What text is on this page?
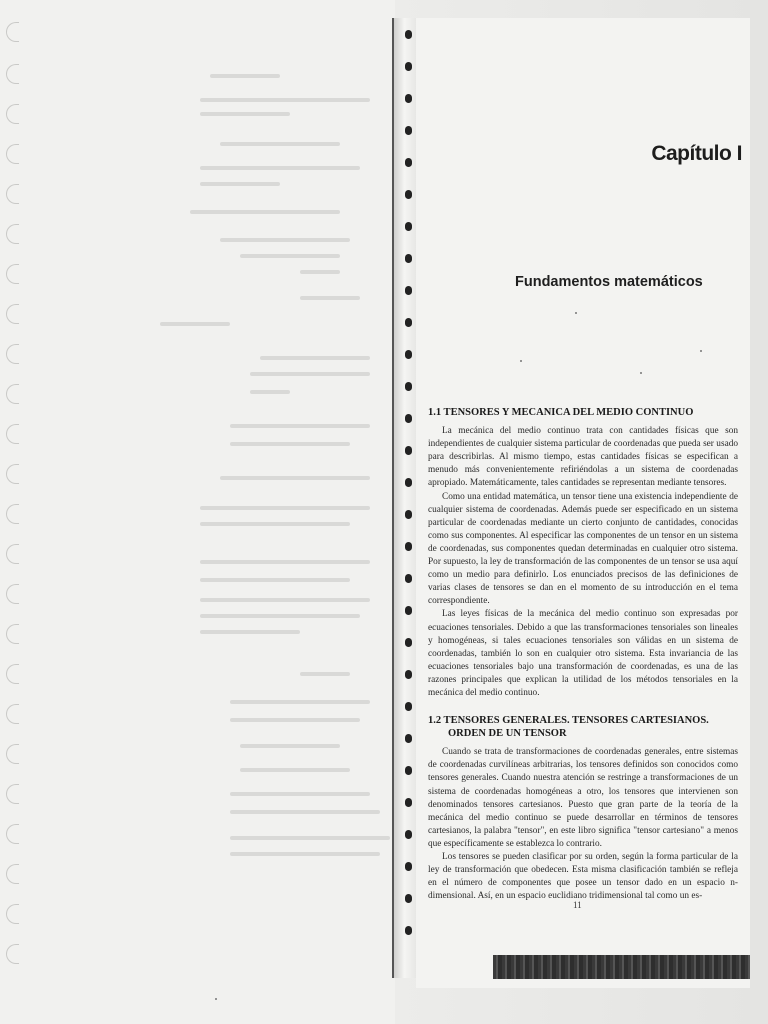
Capítulo I
Fundamentos matemáticos
1.1 TENSORES Y MECANICA DEL MEDIO CONTINUO

La mecánica del medio continuo trata con cantidades físicas que son independientes de cualquier sistema particular de coordenadas que pueda ser usado para describirlas. Al mismo tiempo, estas cantidades físicas se especifican a menudo más convenientemente refiriéndolas a un sistema de coordenadas apropiado. Matemáticamente, tales cantidades se representan mediante tensores.

Como una entidad matemática, un tensor tiene una existencia independiente de cualquier sistema de coordenadas. Además puede ser especificado en un sistema particular de coordenadas mediante un cierto conjunto de cantidades, conocidas como sus componentes. Al especificar las componentes de un tensor en un sistema de coordenadas, sus componentes quedan determinadas en cualquier otro sistema. Por supuesto, la ley de transformación de las componentes de un tensor se usa aquí como un medio para definirlo. Los enunciados precisos de las definiciones de varias clases de tensores se dan en el momento de su introducción en el tema correspondiente.

Las leyes físicas de la mecánica del medio continuo son expresadas por ecuaciones tensoriales. Debido a que las transformaciones tensoriales son lineales y homogéneas, si tales ecuaciones tensoriales son válidas en un sistema de coordenadas, también lo son en cualquier otro sistema. Esta invariancia de las ecuaciones tensoriales bajo una transformación de coordenadas, es una de las razones principales que explican la utilidad de los métodos tensoriales en la mecánica del medio continuo.

1.2 TENSORES GENERALES. TENSORES CARTESIANOS.
ORDEN DE UN TENSOR

Cuando se trata de transformaciones de coordenadas generales, entre sistemas de coordenadas curvilíneas arbitrarias, los tensores definidos son conocidos como tensores generales. Cuando nuestra atención se restringe a transformaciones de un sistema de coordenadas homogéneas a otro, los tensores que intervienen son denominados tensores cartesianos. Puesto que gran parte de la teoría de la mecánica del medio continuo se puede desarrollar en términos de tensores cartesianos, la palabra "tensor", en este libro significa "tensor cartesiano" a menos que específicamente se establezca lo contrario.

Los tensores se pueden clasificar por su orden, según la forma particular de la ley de transformación que obedecen. Esta misma clasificación también se refleja en el número de componentes que posee un tensor dado en un espacio n-dimensional. Así, en un espacio euclidiano tridimensional tal como un es-

11
